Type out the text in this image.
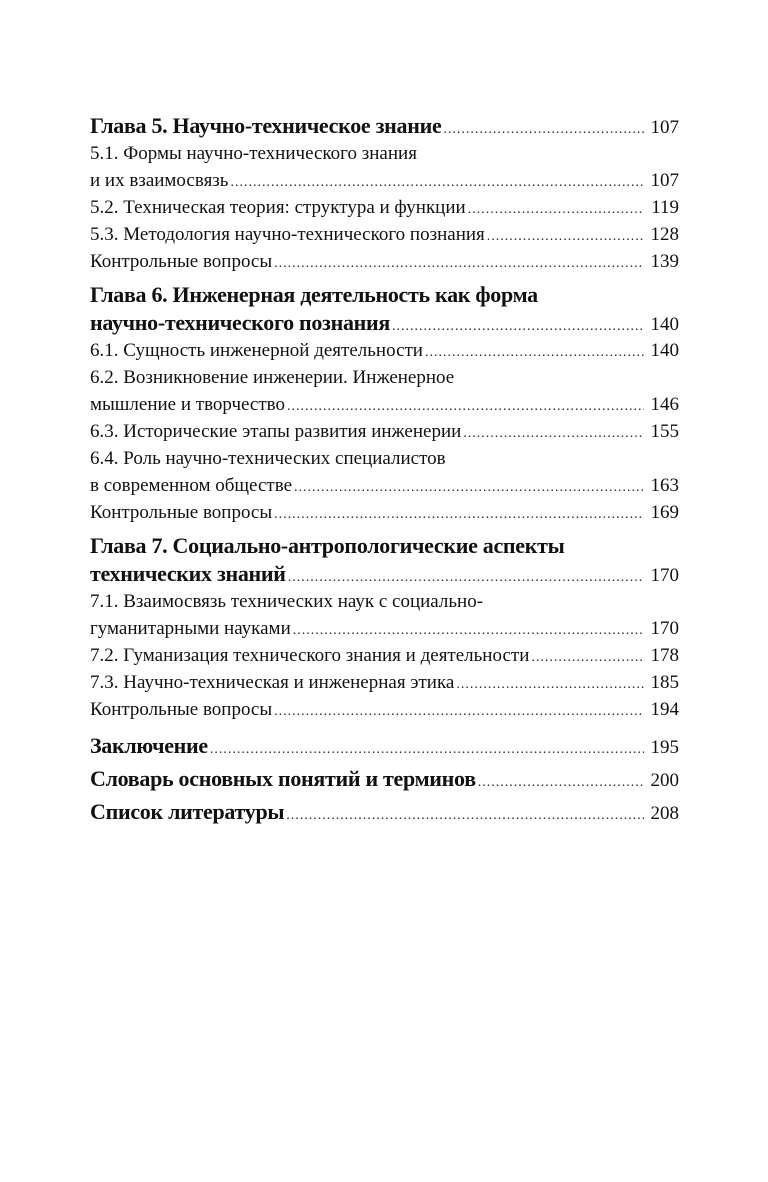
Глава 5. Научно-техническое знание .....	107
5.1. Формы научно-технического знания
и их взаимосвязь .....	107
5.2. Техническая теория: структура и функции .....	119
5.3. Методология научно-технического познания .....	128
Контрольные вопросы .....	139
Глава 6. Инженерная деятельность как форма
научно-технического познания .....	140
6.1. Сущность инженерной деятельности .....	140
6.2. Возникновение инженерии. Инженерное
мышление и творчество .....	146
6.3. Исторические этапы развития инженерии .....	155
6.4. Роль научно-технических специалистов
в современном обществе .....	163
Контрольные вопросы .....	169
Глава 7. Социально-антропологические аспекты
технических знаний .....	170
7.1. Взаимосвязь технических наук с социально-
гуманитарными науками .....	170
7.2. Гуманизация технического знания и деятельности .....	178
7.3. Научно-техническая и инженерная этика .....	185
Контрольные вопросы .....	194
Заключение .....	195
Словарь основных понятий и терминов .....	200
Список литературы .....	208
